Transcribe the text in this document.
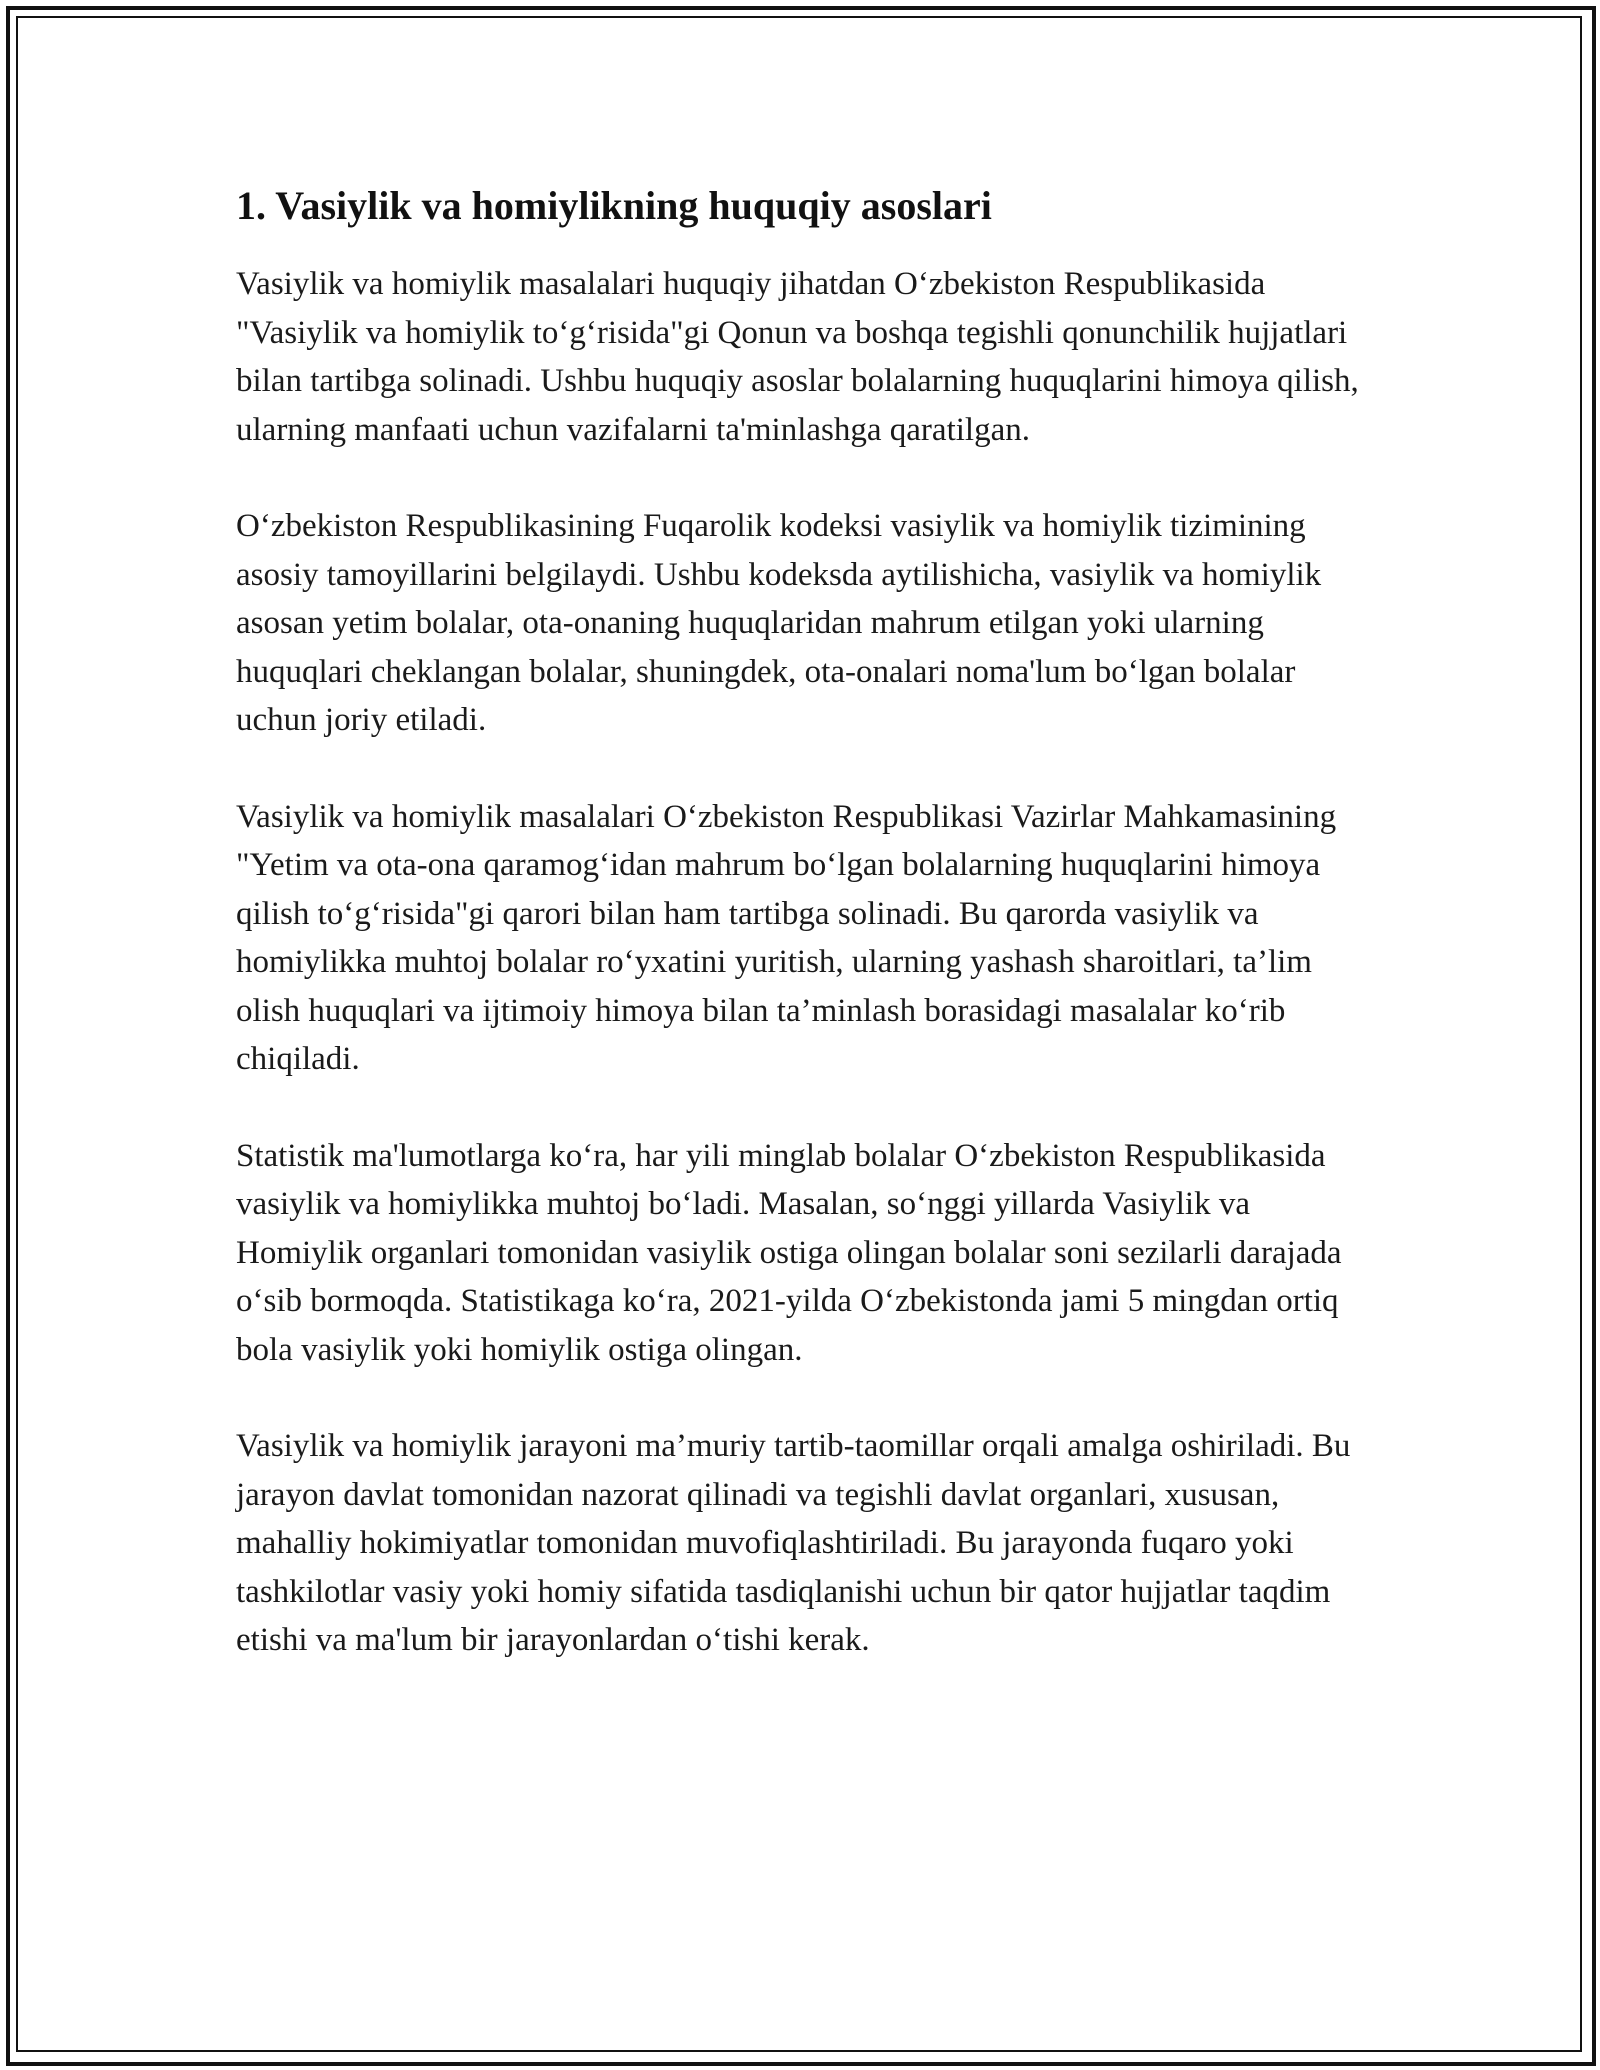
1. Vasiylik va homiylikning huquqiy asoslari

Vasiylik va homiylik masalalari huquqiy jihatdan O‘zbekiston Respublikasida "Vasiylik va homiylik to‘g‘risida"gi Qonun va boshqa tegishli qonunchilik hujjatlari bilan tartibga solinadi. Ushbu huquqiy asoslar bolalarning huquqlarini himoya qilish, ularning manfaati uchun vazifalarni ta'minlashga qaratilgan.

O‘zbekiston Respublikasining Fuqarolik kodeksi vasiylik va homiylik tizimining asosiy tamoyillarini belgilaydi. Ushbu kodeksda aytilishicha, vasiylik va homiylik asosan yetim bolalar, ota-onaning huquqlaridan mahrum etilgan yoki ularning huquqlari cheklangan bolalar, shuningdek, ota-onalari noma'lum bo‘lgan bolalar uchun joriy etiladi.

Vasiylik va homiylik masalalari O‘zbekiston Respublikasi Vazirlar Mahkamasining "Yetim va ota-ona qaramog‘idan mahrum bo‘lgan bolalarning huquqlarini himoya qilish to‘g‘risida"gi qarori bilan ham tartibga solinadi. Bu qarorda vasiylik va homiylikka muhtoj bolalar ro‘yxatini yuritish, ularning yashash sharoitlari, ta’lim olish huquqlari va ijtimoiy himoya bilan ta’minlash borasidagi masalalar ko‘rib chiqiladi.

Statistik ma'lumotlarga ko‘ra, har yili minglab bolalar O‘zbekiston Respublikasida vasiylik va homiylikka muhtoj bo‘ladi. Masalan, so‘nggi yillarda Vasiylik va Homiylik organlari tomonidan vasiylik ostiga olingan bolalar soni sezilarli darajada o‘sib bormoqda. Statistikaga ko‘ra, 2021-yilda O‘zbekistonda jami 5 mingdan ortiq bola vasiylik yoki homiylik ostiga olingan.

Vasiylik va homiylik jarayoni ma’muriy tartib-taomillar orqali amalga oshiriladi. Bu jarayon davlat tomonidan nazorat qilinadi va tegishli davlat organlari, xususan, mahalliy hokimiyatlar tomonidan muvofiqlashtiriladi. Bu jarayonda fuqaro yoki tashkilotlar vasiy yoki homiy sifatida tasdiqlanishi uchun bir qator hujjatlar taqdim etishi va ma'lum bir jarayonlardan o‘tishi kerak.
